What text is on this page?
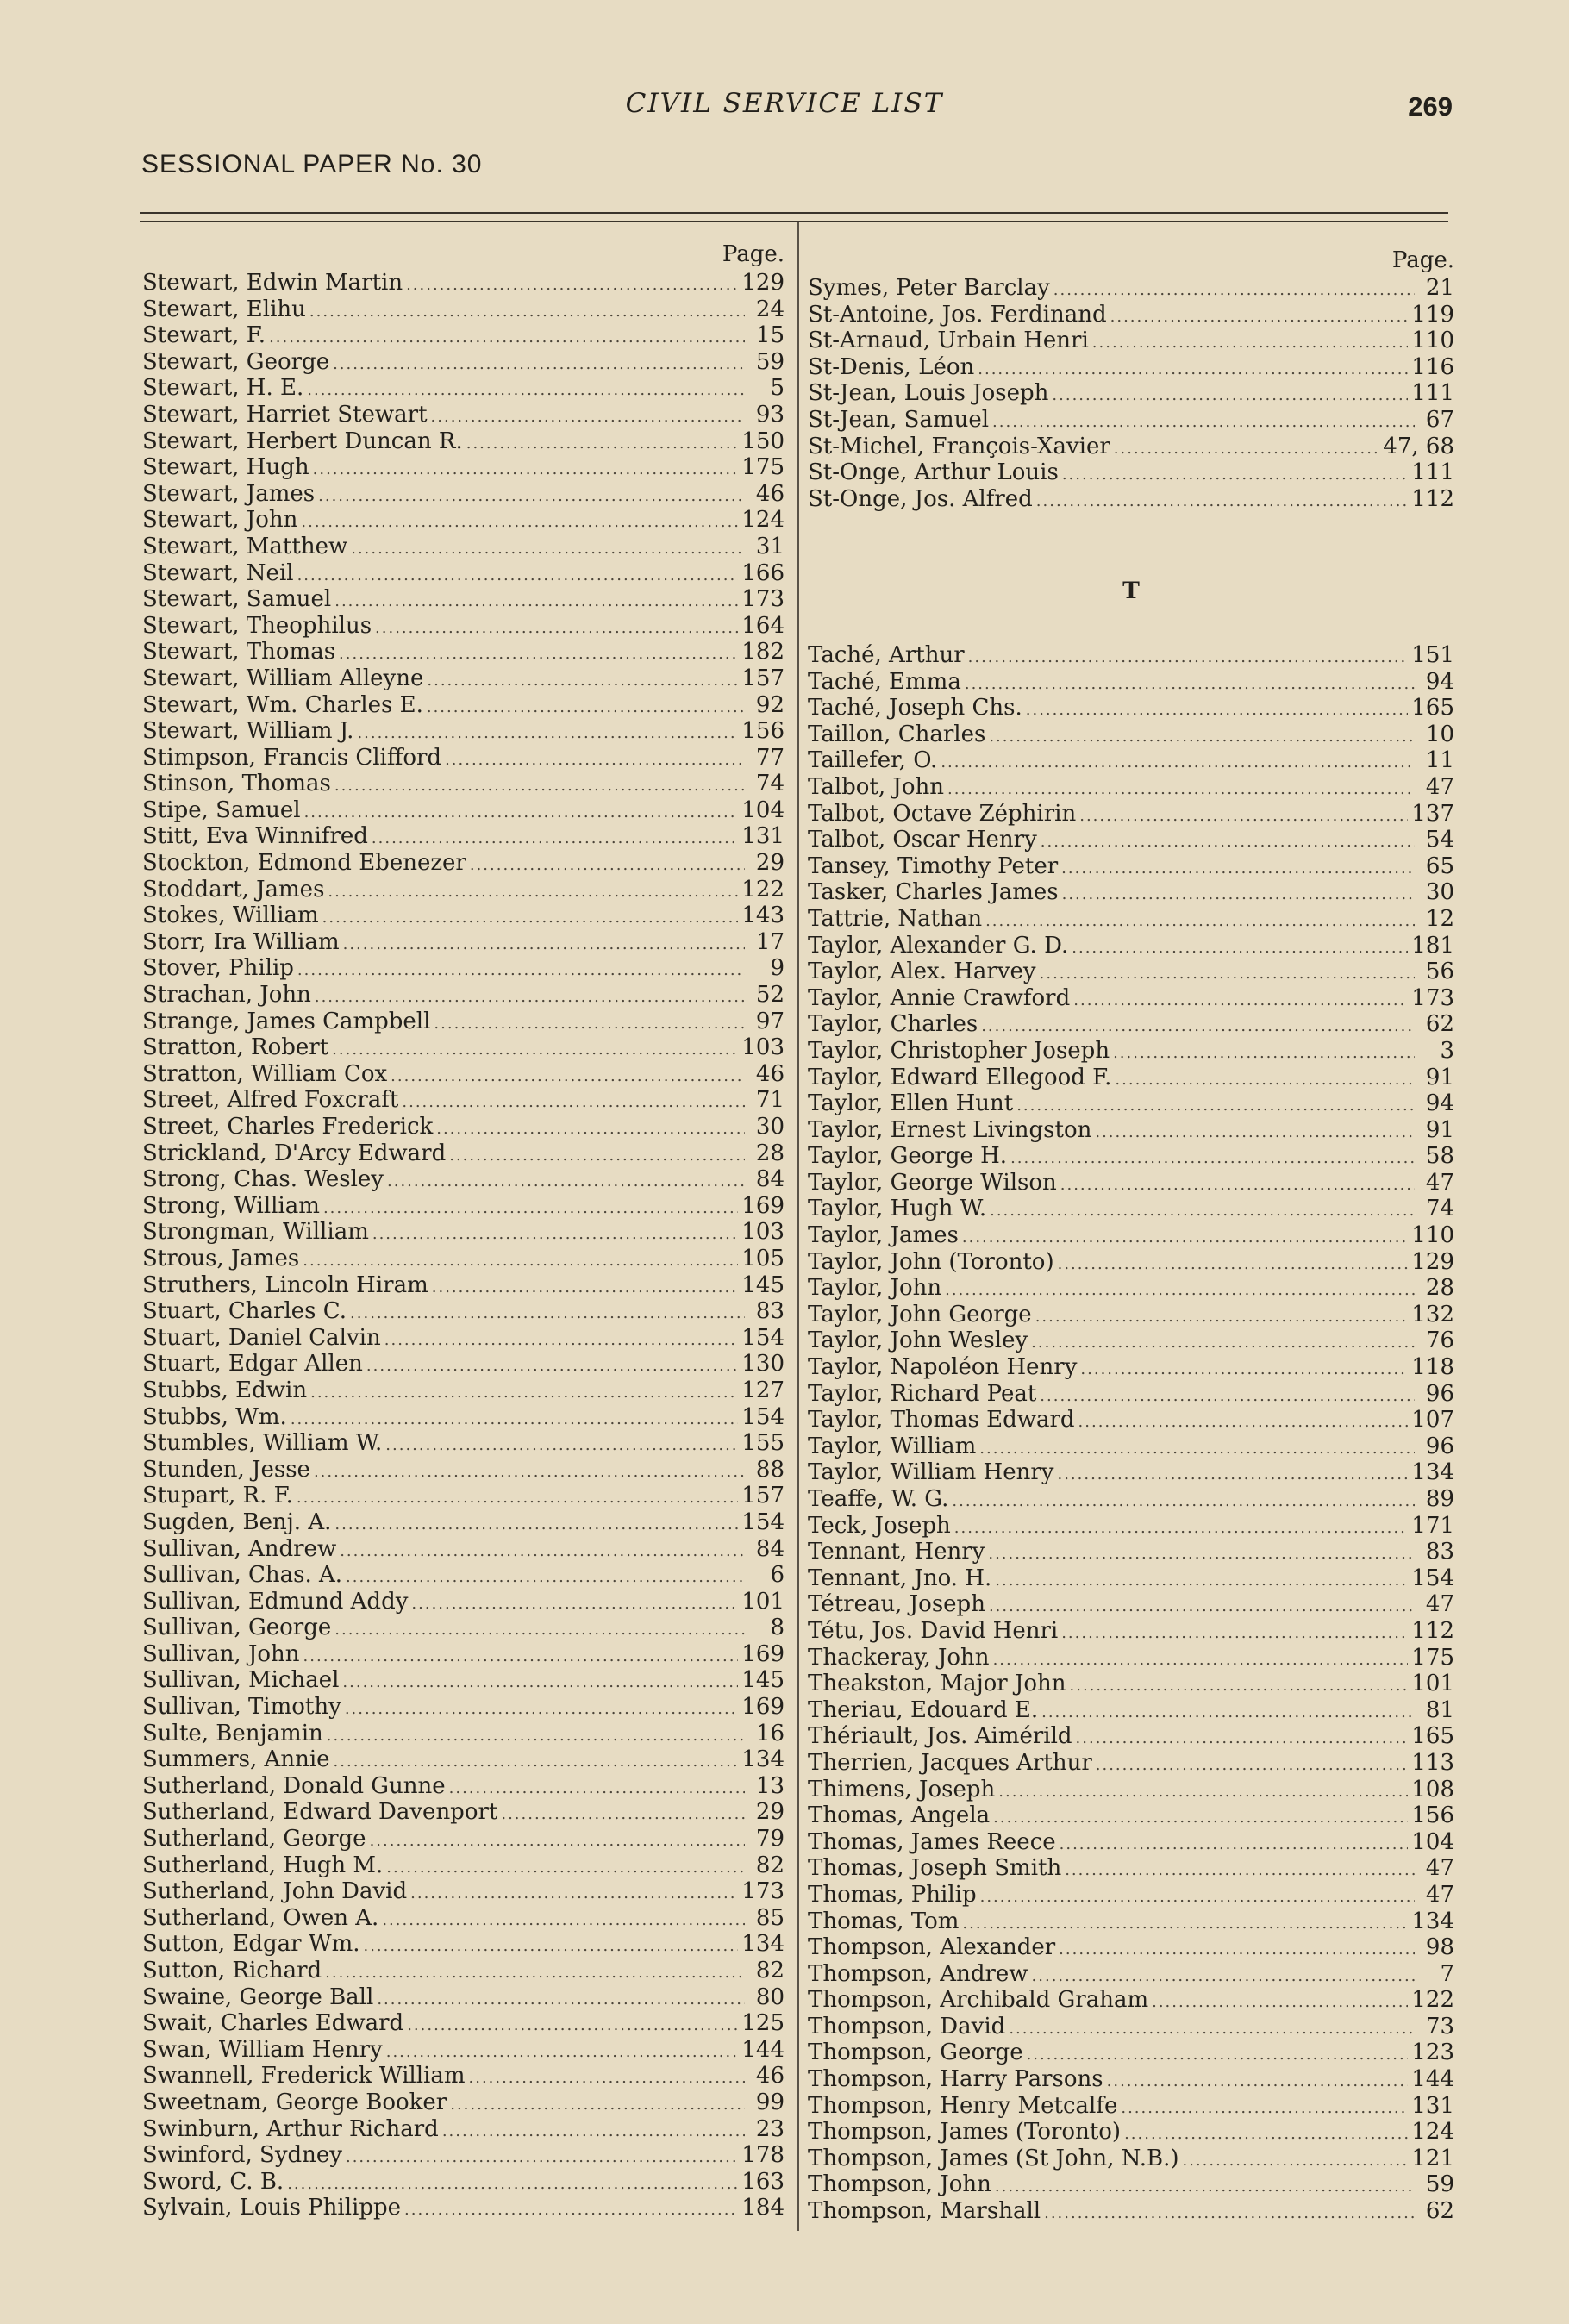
CIVIL SERVICE LIST	269
SESSIONAL PAPER No. 30
Page.
Stewart, Edwin Martin .....	129
Stewart, Elihu .....	24
Stewart, F. .....	15
Stewart, George .....	59
Stewart, H. E. .....	5
Stewart, Harriet Stewart .....	93
Stewart, Herbert Duncan R. .....	150
Stewart, Hugh .....	175
Stewart, James .....	46
Stewart, John .....	124
Stewart, Matthew .....	31
Stewart, Neil .....	166
Stewart, Samuel .....	173
Stewart, Theophilus .....	164
Stewart, Thomas .....	182
Stewart, William Alleyne .....	157
Stewart, Wm. Charles E. .....	92
Stewart, William J. .....	156
Stimpson, Francis Clifford .....	77
Stinson, Thomas .....	74
Stipe, Samuel .....	104
Stitt, Eva Winnifred .....	131
Stockton, Edmond Ebenezer .....	29
Stoddart, James .....	122
Stokes, William .....	143
Storr, Ira William .....	17
Stover, Philip .....	9
Strachan, John .....	52
Strange, James Campbell .....	97
Stratton, Robert .....	103
Stratton, William Cox .....	46
Street, Alfred Foxcraft .....	71
Street, Charles Frederick .....	30
Strickland, D'Arcy Edward .....	28
Strong, Chas. Wesley .....	84
Strong, William .....	169
Strongman, William .....	103
Strous, James .....	105
Struthers, Lincoln Hiram .....	145
Stuart, Charles C. .....	83
Stuart, Daniel Calvin .....	154
Stuart, Edgar Allen .....	130
Stubbs, Edwin .....	127
Stubbs, Wm. .....	154
Stumbles, William W. .....	155
Stunden, Jesse .....	88
Stupart, R. F. .....	157
Sugden, Benj. A. .....	154
Sullivan, Andrew .....	84
Sullivan, Chas. A. .....	6
Sullivan, Edmund Addy .....	101
Sullivan, George .....	8
Sullivan, John .....	169
Sullivan, Michael .....	145
Sullivan, Timothy .....	169
Sulte, Benjamin .....	16
Summers, Annie .....	134
Sutherland, Donald Gunne .....	13
Sutherland, Edward Davenport .....	29
Sutherland, George .....	79
Sutherland, Hugh M. .....	82
Sutherland, John David .....	173
Sutherland, Owen A. .....	85
Sutton, Edgar Wm. .....	134
Sutton, Richard .....	82
Swaine, George Ball .....	80
Swait, Charles Edward .....	125
Swan, William Henry .....	144
Swannell, Frederick William .....	46
Sweetnam, George Booker .....	99
Swinburn, Arthur Richard .....	23
Swinford, Sydney .....	178
Sword, C. B. .....	163
Sylvain, Louis Philippe .....	184
Page.
Symes, Peter Barclay .....	21
St-Antoine, Jos. Ferdinand .....	119
St-Arnaud, Urbain Henri .....	110
St-Denis, Léon .....	116
St-Jean, Louis Joseph .....	111
St-Jean, Samuel .....	67
St-Michel, François-Xavier .....	47, 68
St-Onge, Arthur Louis .....	111
St-Onge, Jos. Alfred .....	112
T
Taché, Arthur .....	151
Taché, Emma .....	94
Taché, Joseph Chs. .....	165
Taillon, Charles .....	10
Taillefer, O. .....	11
Talbot, John .....	47
Talbot, Octave Zéphirin .....	137
Talbot, Oscar Henry .....	54
Tansey, Timothy Peter .....	65
Tasker, Charles James .....	30
Tattrie, Nathan .....	12
Taylor, Alexander G. D. .....	181
Taylor, Alex. Harvey .....	56
Taylor, Annie Crawford .....	173
Taylor, Charles .....	62
Taylor, Christopher Joseph .....	3
Taylor, Edward Ellegood F. .....	91
Taylor, Ellen Hunt .....	94
Taylor, Ernest Livingston .....	91
Taylor, George H. .....	58
Taylor, George Wilson .....	47
Taylor, Hugh W. .....	74
Taylor, James .....	110
Taylor, John (Toronto) .....	129
Taylor, John .....	28
Taylor, John George .....	132
Taylor, John Wesley .....	76
Taylor, Napoléon Henry .....	118
Taylor, Richard Peat .....	96
Taylor, Thomas Edward .....	107
Taylor, William .....	96
Taylor, William Henry .....	134
Teaffe, W. G. .....	89
Teck, Joseph .....	171
Tennant, Henry .....	83
Tennant, Jno. H. .....	154
Tétreau, Joseph .....	47
Tétu, Jos. David Henri .....	112
Thackeray, John .....	175
Theakston, Major John .....	101
Theriau, Edouard E. .....	81
Thériault, Jos. Aimérild .....	165
Therrien, Jacques Arthur .....	113
Thimens, Joseph .....	108
Thomas, Angela .....	156
Thomas, James Reece .....	104
Thomas, Joseph Smith .....	47
Thomas, Philip .....	47
Thomas, Tom .....	134
Thompson, Alexander .....	98
Thompson, Andrew .....	7
Thompson, Archibald Graham .....	122
Thompson, David .....	73
Thompson, George .....	123
Thompson, Harry Parsons .....	144
Thompson, Henry Metcalfe .....	131
Thompson, James (Toronto) .....	124
Thompson, James (St John, N.B.) .....	121
Thompson, John .....	59
Thompson, Marshall .....	62
